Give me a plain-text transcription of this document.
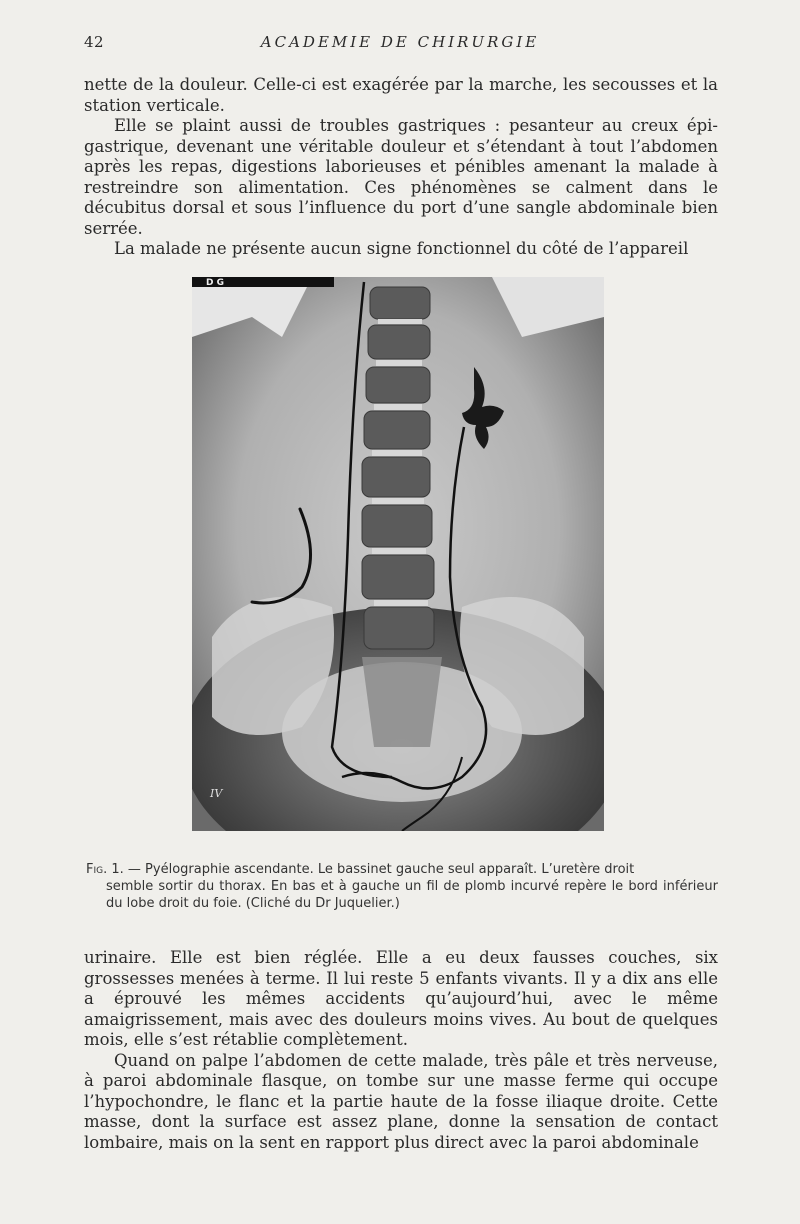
42	ACADEMIE DE CHIRURGIE

nette de la douleur. Celle-ci est exagérée par la marche, les secousses et la station verticale.

Elle se plaint aussi de troubles gastriques : pesanteur au creux épi-gastrique, devenant une véritable douleur et s’étendant à tout l’abdomen après les repas, digestions laborieuses et pénibles amenant la malade à restreindre son alimentation. Ces phénomènes se calment dans le décubitus dorsal et sous l’influence du port d’une sangle abdominale bien serrée.

La malade ne présente aucun signe fonctionnel du côté de l’appareil

D G
IV
Fig. 1. — Pyélographie ascendante. Le bassinet gauche seul apparaît. L’uretère droit
semble sortir du thorax. En bas et à gauche un fil de plomb incurvé repère le bord inférieur du lobe droit du foie. (Cliché du Dr Juquelier.)

urinaire. Elle est bien réglée. Elle a eu deux fausses couches, six grossesses menées à terme. Il lui reste 5 enfants vivants. Il y a dix ans elle a éprouvé les mêmes accidents qu’aujourd’hui, avec le même amaigrissement, mais avec des douleurs moins vives. Au bout de quelques mois, elle s’est rétablie complètement.

Quand on palpe l’abdomen de cette malade, très pâle et très nerveuse, à paroi abdominale flasque, on tombe sur une masse ferme qui occupe l’hypochondre, le flanc et la partie haute de la fosse iliaque droite. Cette masse, dont la surface est assez plane, donne la sensation de contact lombaire, mais on la sent en rapport plus direct avec la paroi abdominale
